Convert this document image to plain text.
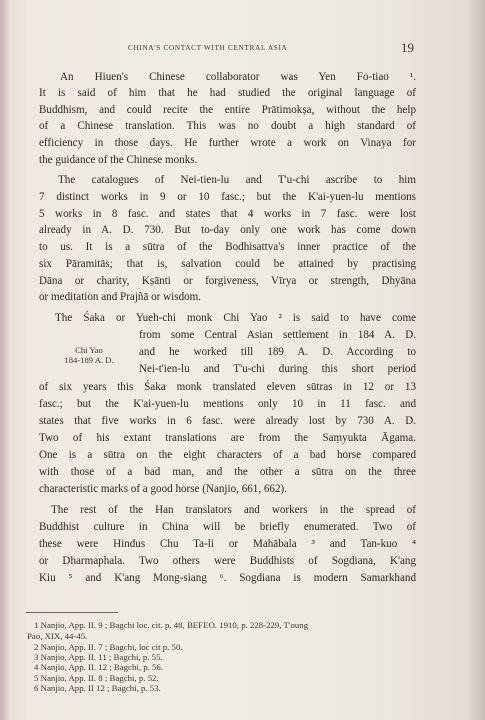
CHINA'S CONTACT WITH CENTRAL ASIA	19
An Hiuen's Chinese collaborator was Yen Fo-tiao ¹.
It is said of him that he had studied the original language of
Buddhism, and could recite the entire Prātimokṣa, without the help
of a Chinese translation. This was no doubt a high standard of
efficiency in those days. He further wrote a work on Vinaya for
the guidance of the Chinese monks.
The catalogues of Nei-tien-lu and T'u-chi ascribe to him
7 distinct works in 9 or 10 fasc.; but the K'ai-yuen-lu mentions
5 works in 8 fasc. and states that 4 works in 7 fasc. were lost
already in A. D. 730. But to-day only one work has come down
to us. It is a sūtra of the Bodhisattva's inner practice of the
six Pāramitās; that is, salvation could be attained by practising
Dāna or charity, Kṣānti or forgiveness, Vīrya or strength, Dhyāna
or meditation and Prajñā or wisdom.
The Śaka or Yueh-chi monk Chi Yao ² is said to have come
from some Central Asian settlement in 184 A. D.
and he worked till 189 A. D. According to
Nei-t'ien-lu and T'u-chi during this short period
of six years this Śaka monk translated eleven sūtras in 12 or 13
fasc.; but the K'ai-yuen-lu mentions only 10 in 11 fasc. and
states that five works in 6 fasc. were already lost by 730 A. D.
Two of his extant translations are from the Saṃyukta Āgama.
One is a sūtra on the eight characters of a bad horse compared
with those of a bad man, and the other a sūtra on the three
characteristic marks of a good horse (Nanjio, 661, 662).
The rest of the Han translators and workers in the spread of
Buddhist culture in China will be briefly enumerated. Two of
these were Hindus Chu Ta-li or Mahābala ³ and Tan-kuo ⁴
or Dharmaphala. Two others were Buddhists of Sogdiana, K'ang
Kiu ⁵ and K'ang Mong-siang ⁶. Sogdiana is modern Samarkhand
Chi Yao
184-189 A. D.
1 Nanjio, App. II. 9 ; Bagchi loc. cit. p. 48, BEFEO. 1910, p. 228-229, T'oung
Pao, XIX, 44-45.
2 Nanjio, App. II. 7 ; Bagchi, loc cit p. 50.
3 Nanjio, App. II. 11 ; Bagchi, p. 55.
4 Nanjio, App. II. 12 ; Bagchi, p. 56.
5 Nanjio, App. II. 8 ; Bagchi, p. 52.
6 Nanjio, App. II 12 ; Bagchi, p. 53.
